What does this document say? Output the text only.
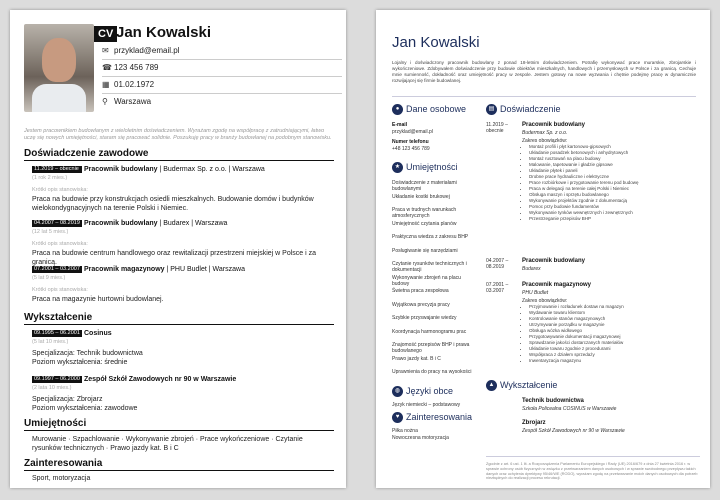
CV Jan Kowalski
✉ przyklad@email.pl
☎ 123 456 789
▦ 01.02.1972
⚲ Warszawa
Jestem pracownikiem budowlanym z wieloletnim doświadczeniem. Wyrażam zgodę na współpracę z zatrudniającymi, łatwo uczę się nowych umiejętności, staram się pracować solidnie. Poszukuję pracy w branży budowlanej na podobnym stanowisku.
Doświadczenie zawodowe
11.2019 – obecnie Pracownik budowlany | Budermax Sp. z o.o. | Warszawa
(1 rok 2 mies.)
Krótki opis stanowiska:
Praca na budowie przy konstrukcjach osiedli mieszkalnych. Budowanie domów i budynków wielokondygnacyjnych na terenie Polski i Niemiec.
04.2007 – 08.2019 Pracownik budowlany | Budarex | Warszawa
(12 lat 5 mies.)
Krótki opis stanowiska:
Praca na budowie centrum handlowego oraz rewitalizacji przestrzeni miejskiej w Polsce i za granicą.
07.2001 – 03.2007 Pracownik magazynowy | PHU Budlet | Warszawa
(5 lat 9 mies.)
Krótki opis stanowiska:
Praca na magazynie hurtowni budowlanej.
Wykształcenie
09.1995 – 06.2001 Cosinus
(5 lat 10 mies.)
Specjalizacja: Technik budownictwa
Poziom wykształcenia: średnie
09.1997 – 06.2000 Zespół Szkół Zawodowych nr 90 w Warszawie
(2 lata 10 mies.)
Specjalizacja: Zbrojarz
Poziom wykształcenia: zawodowe
Umiejętności
Murowanie · Szpachlowanie · Wykonywanie zbrojeń · Prace wykończeniowe · Czytanie rysunków technicznych · Prawo jazdy kat. B i C
Zainteresowania
Sport, motoryzacja
Jan Kowalski
Lojalny i doświadczony pracownik budowlany z ponad 18-letnim doświadczeniem. Potrafię wykonywać prace murarskie, zbrojarskie i wykończeniowe. Zdobywałem doświadczenie przy budowie obiektów mieszkalnych, handlowych i przemysłowych w Polsce i za granicą. Cechuje mnie sumienność, dokładność oraz umiejętność pracy w zespole. Jestem gotowy na nowe wyzwania i chętnie podejmę pracę w dynamicznie rozwijającej się firmie budowlanej.
● Dane osobowe
E-mail
przyklad@email.pl
Numer telefonu
+48 123 456 789
★ Umiejętności
Doświadczenie z materiałami budowlanymi
Układanie kostki brukowej
Praca w trudnych warunkach atmosferycznych
Umiejętność czytania planów
Praktyczna wiedza z zakresu BHP
Posługiwanie się narzędziami
Czytanie rysunków technicznych i dokumentacji
Wykonywanie zbrojeń na placu budowy
Świetna praca zespołowa
Wyjątkowa precyzja pracy
Szybkie przyswajanie wiedzy
Koordynacja harmonogramu prac
Znajomość przepisów BHP i prawa budowlanego
Prawo jazdy kat. B i C
Uprawnienia do pracy na wysokości
◍ Języki obce
Język niemiecki – podstawowy
♥ Zainteresowania
Piłka nożna
Nowoczesna motoryzacja
▤ Doświadczenie
11.2019 – obecnie
Pracownik budowlany
Budermax Sp. z o.o.
Zakres obowiązków:
• Montaż profili i płyt kartonowo-gipsowych
• Układanie posadzek betonowych i anhydrytowych
• Montaż rusztowań na placu budowy
• Malowanie, tapetowanie i gładzie gipsowe
• Układanie płytek i paneli
• Drobne prace hydrauliczne i elektryczne
• Prace rozbiórkowe i przygotowanie terenu pod budowę
• Praca w delegacji na terenie całej Polski i Niemiec
• Obsługa maszyn i sprzętu budowlanego
• Wykonywanie projektów zgodnie z dokumentacją
• Pomoc przy budowie fundamentów
• Wykonywanie tynków wewnętrznych i zewnętrznych
• Przestrzeganie przepisów BHP
04.2007 – 08.2019
Pracownik budowlany
Budarex
07.2001 – 03.2007
Pracownik magazynowy
PHU Budlet
Zakres obowiązków:
• Przyjmowanie i rozładunek dostaw na magazyn
• Wydawanie towaru klientom
• Kontrolowanie stanów magazynowych
• Utrzymywanie porządku w magazynie
• Obsługa wózka widłowego
• Przygotowywanie dokumentacji magazynowej
• Sprawdzanie jakości dostarczanych materiałów
• Układanie towaru zgodnie z procedurami
• Współpraca z działem sprzedaży
• Inwentaryzacja magazynu
▲ Wykształcenie
Technik budownictwa
Szkoła Policealna COSINUS w Warszawie
Zbrojarz
Zespół Szkół Zawodowych nr 90 w Warszawie
Zgodnie z art. 6 ust. 1 lit. a Rozporządzenia Parlamentu Europejskiego i Rady (UE) 2016/679 z dnia 27 kwietnia 2016 r. w sprawie ochrony osób fizycznych w związku z przetwarzaniem danych osobowych i w sprawie swobodnego przepływu takich danych oraz uchylenia dyrektywy 95/46/WE (RODO), wyrażam zgodę na przetwarzanie moich danych osobowych dla potrzeb niezbędnych do realizacji procesu rekrutacji.
